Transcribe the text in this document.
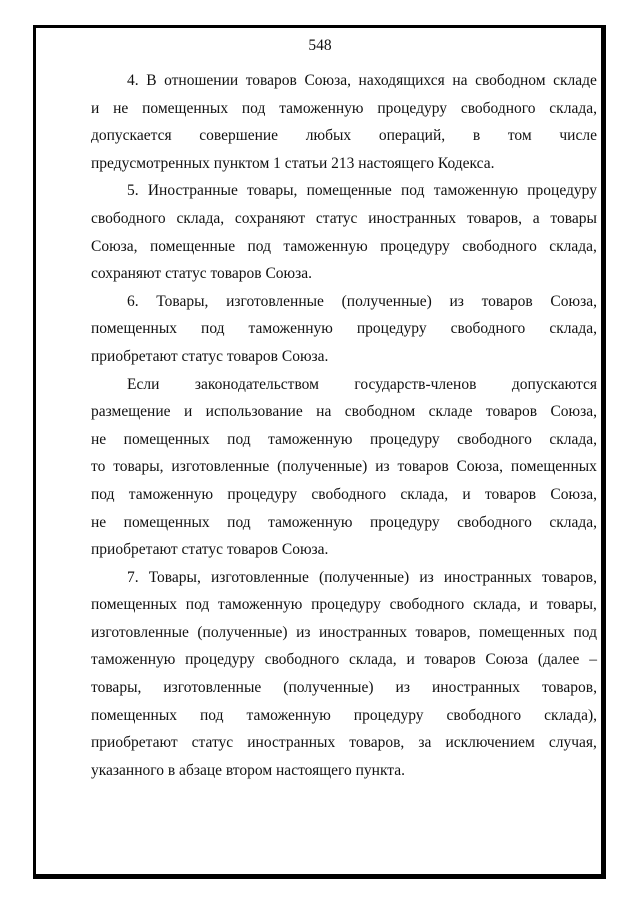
548

4. В отношении товаров Союза, находящихся на свободном складе

и не помещенных под таможенную процедуру свободного склада,

допускается совершение любых операций, в том числе

предусмотренных пунктом 1 статьи 213 настоящего Кодекса.

5. Иностранные товары, помещенные под таможенную процедуру

свободного склада, сохраняют статус иностранных товаров, а товары

Союза, помещенные под таможенную процедуру свободного склада,

сохраняют статус товаров Союза.

6. Товары, изготовленные (полученные) из товаров Союза,

помещенных под таможенную процедуру свободного склада,

приобретают статус товаров Союза.

Если законодательством государств-членов допускаются

размещение и использование на свободном складе товаров Союза,

не помещенных под таможенную процедуру свободного склада,

то товары, изготовленные (полученные) из товаров Союза, помещенных

под таможенную процедуру свободного склада, и товаров Союза,

не помещенных под таможенную процедуру свободного склада,

приобретают статус товаров Союза.

7. Товары, изготовленные (полученные) из иностранных товаров,

помещенных под таможенную процедуру свободного склада, и товары,

изготовленные (полученные) из иностранных товаров, помещенных под

таможенную процедуру свободного склада, и товаров Союза (далее –

товары, изготовленные (полученные) из иностранных товаров,

помещенных под таможенную процедуру свободного склада),

приобретают статус иностранных товаров, за исключением случая,

указанного в абзаце втором настоящего пункта.
